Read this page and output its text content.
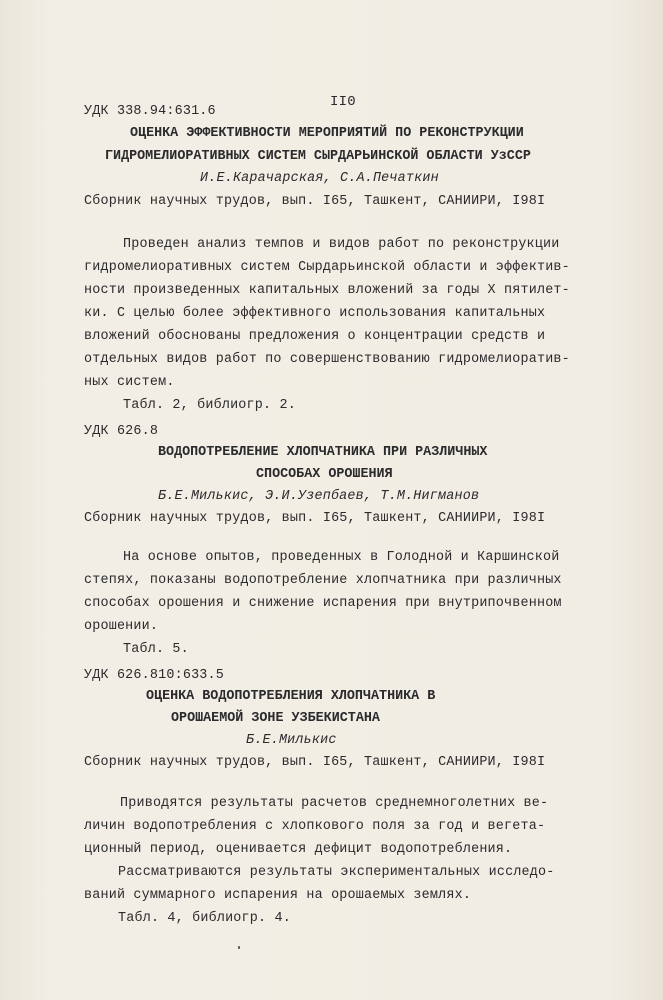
II0
УДК 338.94:631.6
ОЦЕНКА ЭФФЕКТИВНОСТИ МЕРОПРИЯТИЙ ПО РЕКОНСТРУКЦИИ
ГИДРОМЕЛИОРАТИВНЫХ СИСТЕМ СЫРДАРЬИНСКОЙ ОБЛАСТИ УзССР
И.Е.Карачарская, С.А.Печаткин
Сборник научных трудов, вып. I65, Ташкент, САНИИРИ, I98I
Проведен анализ темпов и видов работ по реконструкции
гидромелиоративных систем Сырдарьинской области и эффектив-
ности произведенных капитальных вложений за годы X пятилет-
ки. С целью более эффективного использования капитальных
вложений обоснованы предложения о концентрации средств и
отдельных видов работ по совершенствованию гидромелиоратив-
ных систем.
Табл. 2, библиогр. 2.
УДК 626.8
ВОДОПОТРЕБЛЕНИЕ ХЛОПЧАТНИКА ПРИ РАЗЛИЧНЫХ
СПОСОБАХ ОРОШЕНИЯ
Б.Е.Милькис, Э.И.Узепбаев, Т.М.Нигманов
Сборник научных трудов, вып. I65, Ташкент, САНИИРИ, I98I
На основе опытов, проведенных в Голодной и Каршинской
степях, показаны водопотребление хлопчатника при различных
способах орошения и снижение испарения при внутрипочвенном
орошении.
Табл. 5.
УДК 626.810:633.5
ОЦЕНКА ВОДОПОТРЕБЛЕНИЯ ХЛОПЧАТНИКА В
ОРОШАЕМОЙ ЗОНЕ УЗБЕКИСТАНА
Б.Е.Милькис
Сборник научных трудов, вып. I65, Ташкент, САНИИРИ, I98I
Приводятся результаты расчетов среднемноголетних ве-
личин водопотребления с хлопкового поля за год и вегета-
ционный период, оценивается дефицит водопотребления.
Рассматриваются результаты экспериментальных исследо-
ваний суммарного испарения на орошаемых землях.
Табл. 4, библиогр. 4.
